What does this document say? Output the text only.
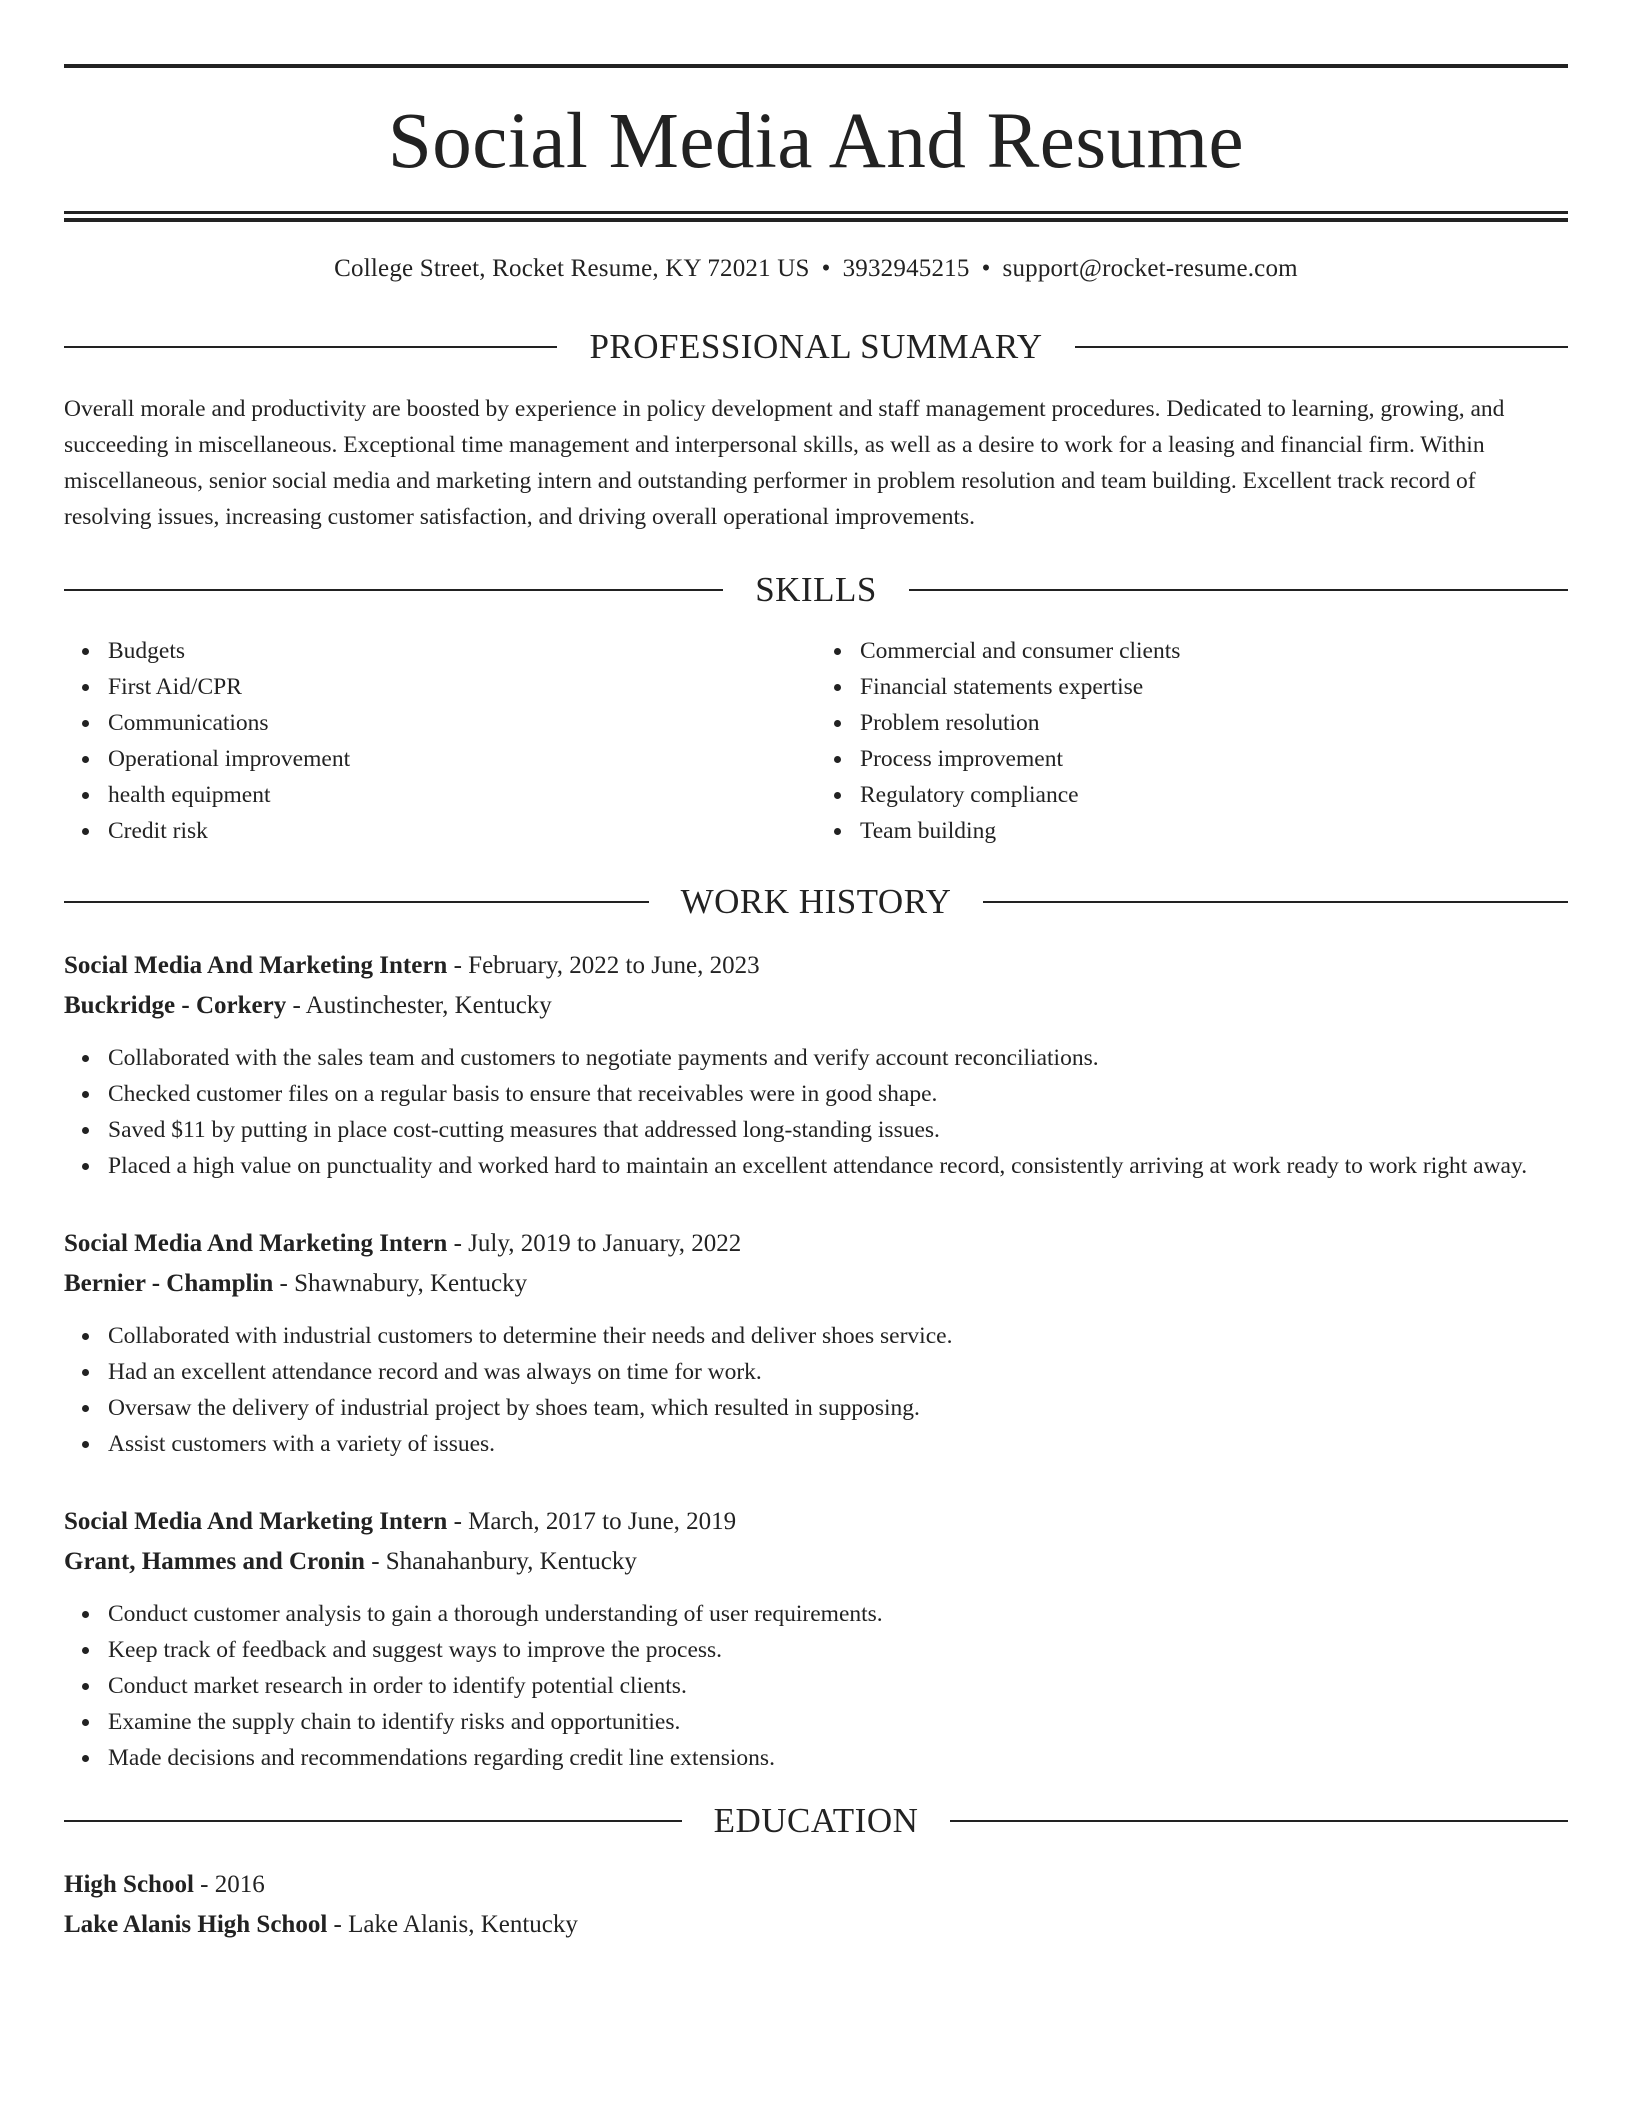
Social Media And Resume
College Street, Rocket Resume, KY 72021 US • 3932945215 • support@rocket-resume.com
PROFESSIONAL SUMMARY

Overall morale and productivity are boosted by experience in policy development and staff management procedures. Dedicated to learning, growing, and succeeding in miscellaneous. Exceptional time management and interpersonal skills, as well as a desire to work for a leasing and financial firm. Within miscellaneous, senior social media and marketing intern and outstanding performer in problem resolution and team building. Excellent track record of resolving issues, increasing customer satisfaction, and driving overall operational improvements.

SKILLS
Budgets
First Aid/CPR
Communications
Operational improvement
health equipment
Credit risk
Commercial and consumer clients
Financial statements expertise
Problem resolution
Process improvement
Regulatory compliance
Team building
WORK HISTORY
Social Media And Marketing Intern - February, 2022 to June, 2023
Buckridge - Corkery - Austinchester, Kentucky
Collaborated with the sales team and customers to negotiate payments and verify account reconciliations.
Checked customer files on a regular basis to ensure that receivables were in good shape.
Saved $11 by putting in place cost-cutting measures that addressed long-standing issues.
Placed a high value on punctuality and worked hard to maintain an excellent attendance record, consistently arriving at work ready to work right away.
Social Media And Marketing Intern - July, 2019 to January, 2022
Bernier - Champlin - Shawnabury, Kentucky
Collaborated with industrial customers to determine their needs and deliver shoes service.
Had an excellent attendance record and was always on time for work.
Oversaw the delivery of industrial project by shoes team, which resulted in supposing.
Assist customers with a variety of issues.
Social Media And Marketing Intern - March, 2017 to June, 2019
Grant, Hammes and Cronin - Shanahanbury, Kentucky
Conduct customer analysis to gain a thorough understanding of user requirements.
Keep track of feedback and suggest ways to improve the process.
Conduct market research in order to identify potential clients.
Examine the supply chain to identify risks and opportunities.
Made decisions and recommendations regarding credit line extensions.
EDUCATION
High School - 2016
Lake Alanis High School - Lake Alanis, Kentucky
